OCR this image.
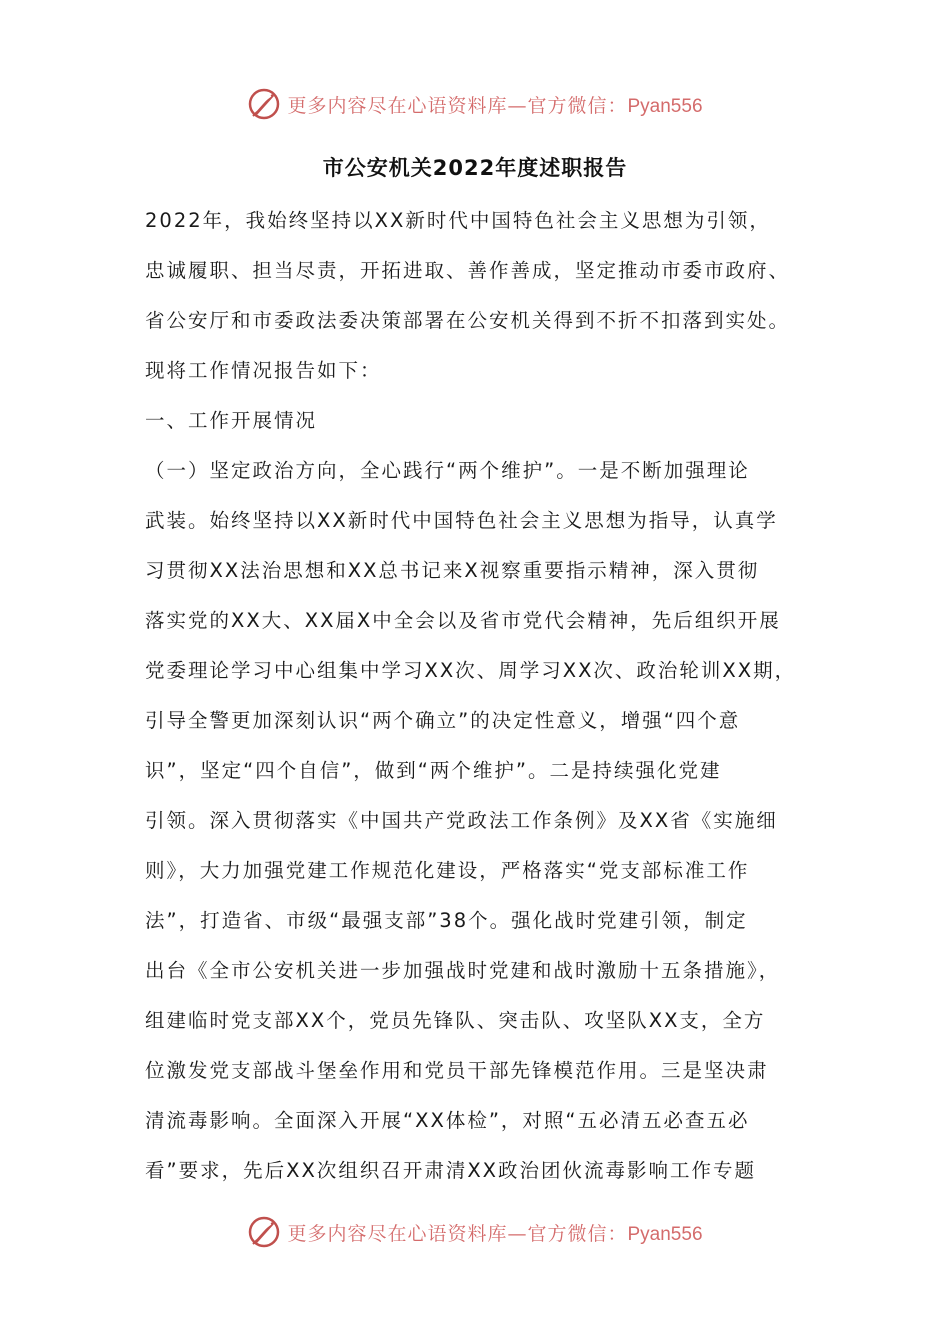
更多内容尽在心语资料库—官方微信：Pyan556
市公安机关2022年度述职报告
2022年，我始终坚持以XX新时代中国特色社会主义思想为引领，
忠诚履职、担当尽责，开拓进取、善作善成，坚定推动市委市政府、
省公安厅和市委政法委决策部署在公安机关得到不折不扣落到实处。
现将工作情况报告如下：
一、工作开展情况
（一）坚定政治方向，全心践行“两个维护”。一是不断加强理论
武装。始终坚持以XX新时代中国特色社会主义思想为指导，认真学
习贯彻XX法治思想和XX总书记来X视察重要指示精神，深入贯彻
落实党的XX大、XX届X中全会以及省市党代会精神，先后组织开展
党委理论学习中心组集中学习XX次、周学习XX次、政治轮训XX期，
引导全警更加深刻认识“两个确立”的决定性意义，增强“四个意
识”，坚定“四个自信”，做到“两个维护”。二是持续强化党建
引领。深入贯彻落实《中国共产党政法工作条例》及XX省《实施细
则》，大力加强党建工作规范化建设，严格落实“党支部标准工作
法”，打造省、市级“最强支部”38个。强化战时党建引领，制定
出台《全市公安机关进一步加强战时党建和战时激励十五条措施》，
组建临时党支部XX个，党员先锋队、突击队、攻坚队XX支，全方
位激发党支部战斗堡垒作用和党员干部先锋模范作用。三是坚决肃
清流毒影响。全面深入开展“XX体检”，对照“五必清五必查五必
看”要求，先后XX次组织召开肃清XX政治团伙流毒影响工作专题
更多内容尽在心语资料库—官方微信：Pyan556
